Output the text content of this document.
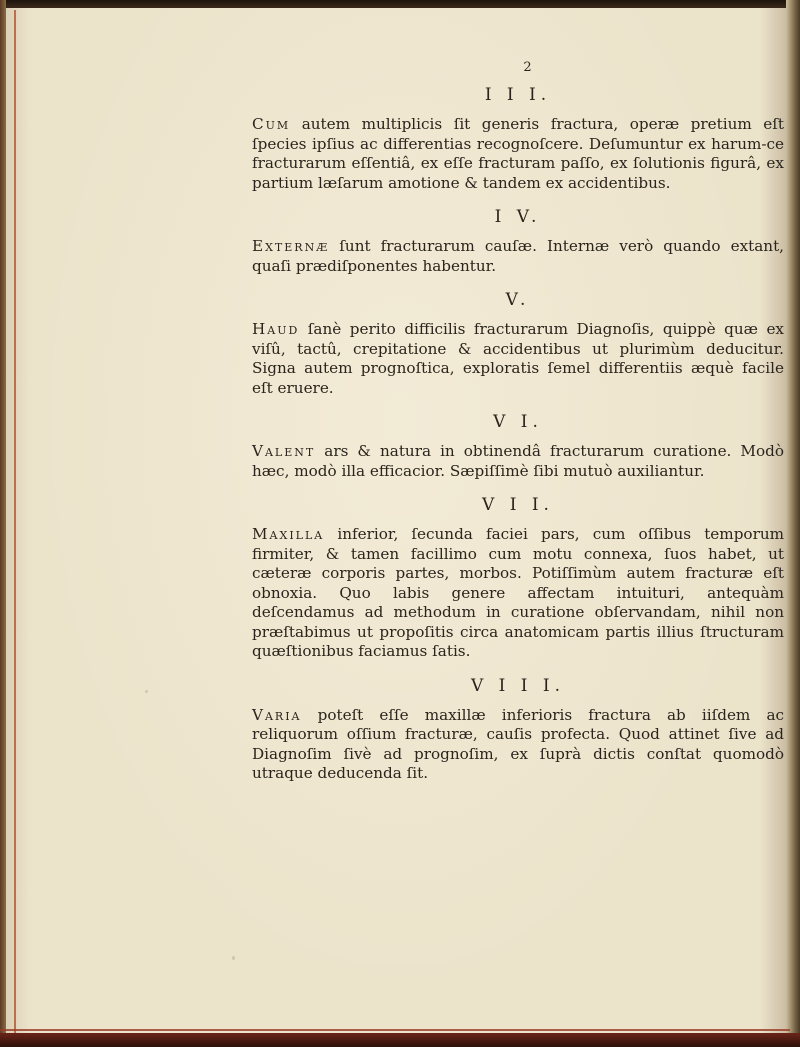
2
I I I.

Cum autem multiplicis ſit generis fractura, operæ pretium eſt ſpecies ipſius ac differentias recognoſcere. Deſumuntur ex harum-ce fracturarum eſſentiâ, ex eſſe fracturam paſſo, ex ſolutionis figurâ, ex partium læſarum amotione & tandem ex accidentibus.

I V.

Externæ ſunt fracturarum cauſæ. Internæ verò quando extant, quaſi prædiſponentes habentur.

V.

Haud ſanè perito difficilis fracturarum Diagnoſis, quippè quæ ex viſû, tactû, crepitatione & accidentibus ut plurimùm deducitur. Signa autem prognoſtica, exploratis ſemel differentiis æquè facile eſt eruere.

V I.

Valent ars & natura in obtinendâ fracturarum curatione. Modò hæc, modò illa efficacior. Sæpiſſimè ſibi mutuò auxiliantur.

V I I.

Maxilla inferior, ſecunda faciei pars, cum oſſibus temporum firmiter, & tamen facillimo cum motu connexa, ſuos habet, ut cæteræ corporis partes, morbos. Potiſſimùm autem fracturæ eſt obnoxia. Quo labis genere affectam intuituri, antequàm deſcendamus ad methodum in curatione obſervandam, nihil non præſtabimus ut propoſitis circa anatomicam partis illius ſtructuram quæſtionibus faciamus ſatis.

V I I I.

Varia poteſt eſſe maxillæ inferioris fractura ab iiſdem ac reliquorum oſſium fracturæ, cauſis profecta. Quod attinet ſive ad Diagnoſim ſivè ad prognoſim, ex ſuprà dictis conſtat quomodò utraque deducenda ſit.
